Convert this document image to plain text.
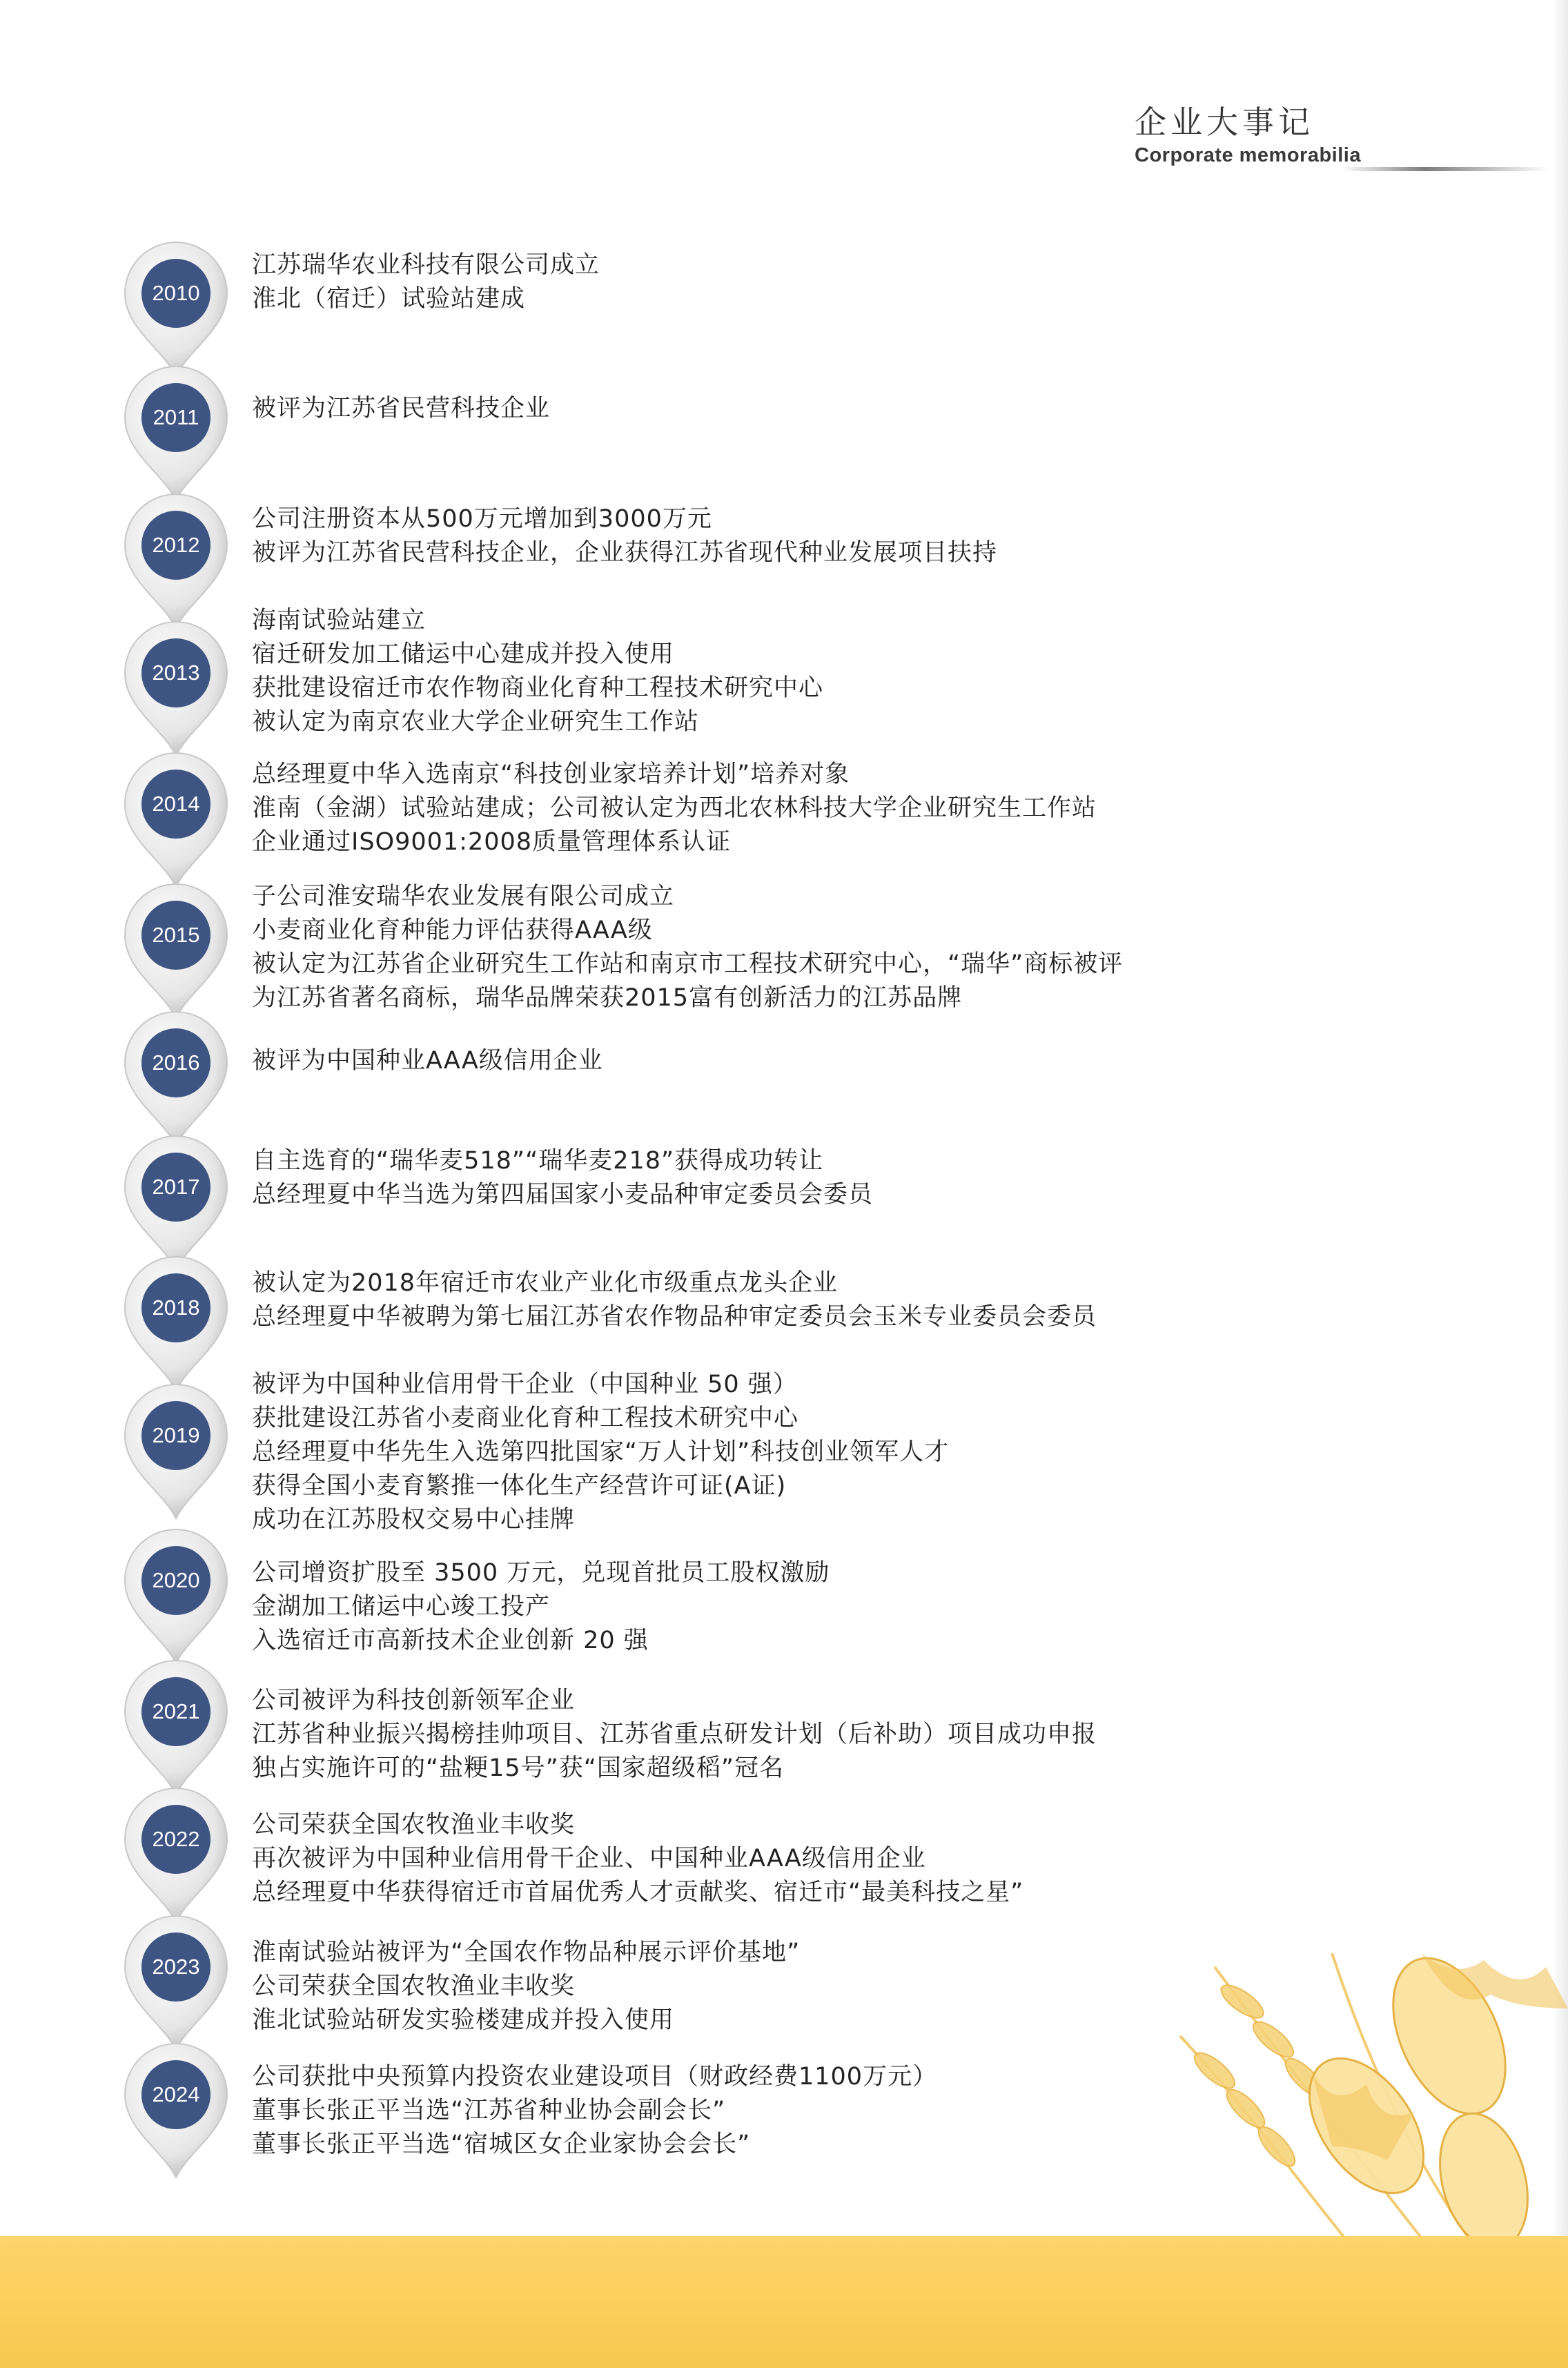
企业大事记
Corporate memorabilia
2010
江苏瑞华农业科技有限公司成立
淮北（宿迁）试验站建成
2011	被评为江苏省民营科技企业
2012
公司注册资本从500万元增加到3000万元
被评为江苏省民营科技企业，企业获得江苏省现代种业发展项目扶持
2013
海南试验站建立
宿迁研发加工储运中心建成并投入使用
获批建设宿迁市农作物商业化育种工程技术研究中心
被认定为南京农业大学企业研究生工作站
2014
总经理夏中华入选南京“科技创业家培养计划”培养对象
淮南（金湖）试验站建成；公司被认定为西北农林科技大学企业研究生工作站
企业通过ISO9001:2008质量管理体系认证
2015
子公司淮安瑞华农业发展有限公司成立
小麦商业化育种能力评估获得AAA级
被认定为江苏省企业研究生工作站和南京市工程技术研究中心，“瑞华”商标被评
为江苏省著名商标，瑞华品牌荣获2015富有创新活力的江苏品牌
2016	被评为中国种业AAA级信用企业
2017
自主选育的“瑞华麦518”“瑞华麦218”获得成功转让
总经理夏中华当选为第四届国家小麦品种审定委员会委员
2018
被认定为2018年宿迁市农业产业化市级重点龙头企业
总经理夏中华被聘为第七届江苏省农作物品种审定委员会玉米专业委员会委员
2019
被评为中国种业信用骨干企业（中国种业 50 强）
获批建设江苏省小麦商业化育种工程技术研究中心
总经理夏中华先生入选第四批国家“万人计划”科技创业领军人才
获得全国小麦育繁推一体化生产经营许可证(A证)
成功在江苏股权交易中心挂牌
2020	公司增资扩股至 3500 万元，兑现首批员工股权激励
金湖加工储运中心竣工投产
入选宿迁市高新技术企业创新 20 强
2021	公司被评为科技创新领军企业
江苏省种业振兴揭榜挂帅项目、江苏省重点研发计划（后补助）项目成功申报
独占实施许可的“盐粳15号”获“国家超级稻”冠名
2022
公司荣获全国农牧渔业丰收奖
再次被评为中国种业信用骨干企业、中国种业AAA级信用企业
总经理夏中华获得宿迁市首届优秀人才贡献奖、宿迁市“最美科技之星”
2023
淮南试验站被评为“全国农作物品种展示评价基地”
公司荣获全国农牧渔业丰收奖
淮北试验站研发实验楼建成并投入使用
2024
公司获批中央预算内投资农业建设项目（财政经费1100万元）
董事长张正平当选“江苏省种业协会副会长”
董事长张正平当选“宿城区女企业家协会会长”
